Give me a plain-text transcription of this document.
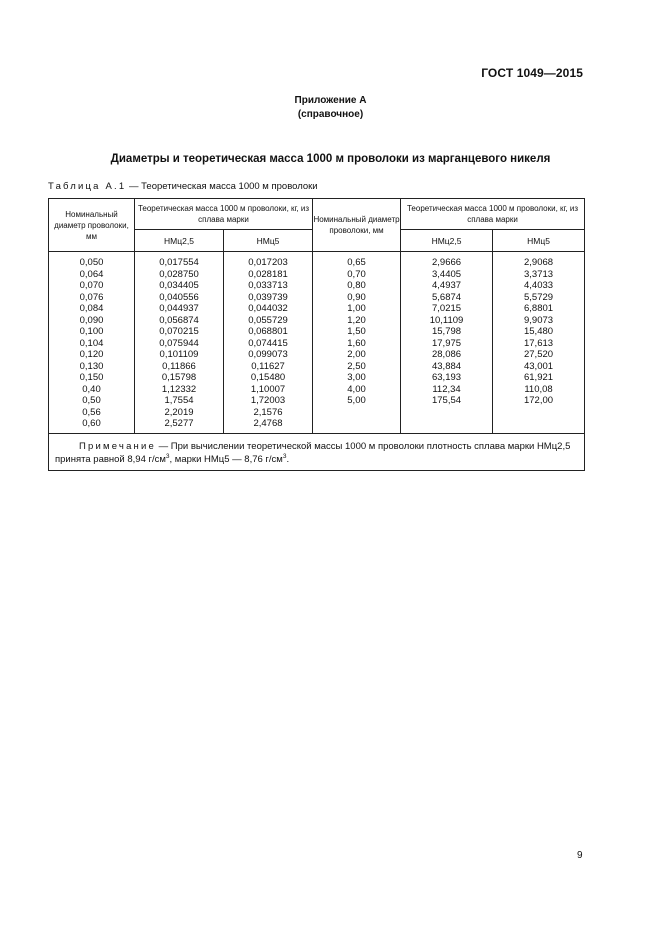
ГОСТ 1049—2015
Приложение А
(справочное)
Диаметры и теоретическая масса 1000 м проволоки из марганцевого никеля
Таблица А.1 — Теоретическая масса 1000 м проволоки
Номинальный диаметр проволоки, мм	Теоретическая масса 1000 м проволоки, кг, из сплава марки		Номинальный диаметр проволоки, мм	Теоретическая масса 1000 м проволоки, кг, из сплава марки	
	НМц2,5	НМц5		НМц2,5	НМц5
0,050	0,017554	0,017203	0,65	2,9666	2,9068
0,064	0,028750	0,028181	0,70	3,4405	3,3713
0,070	0,034405	0,033713	0,80	4,4937	4,4033
0,076	0,040556	0,039739	0,90	5,6874	5,5729
0,084	0,044937	0,044032	1,00	7,0215	6,8801
0,090	0,056874	0,055729	1,20	10,1109	9,9073
0,100	0,070215	0,068801	1,50	15,798	15,480
0,104	0,075944	0,074415	1,60	17,975	17,613
0,120	0,101109	0,099073	2,00	28,086	27,520
0,130	0,11866	0,11627	2,50	43,884	43,001
0,150	0,15798	0,15480	3,00	63,193	61,921
0,40	1,12332	1,10007	4,00	112,34	110,08
0,50	1,7554	1,72003	5,00	175,54	172,00
0,56	2,2019	2,1576			
0,60	2,5277	2,4768			
Примечание — При вычислении теоретической массы 1000 м проволоки плотность сплава марки НМц2,5 принята равной 8,94 $г/см^3$, марки НМц5 — 8,76 $г/см^3$.					
9
